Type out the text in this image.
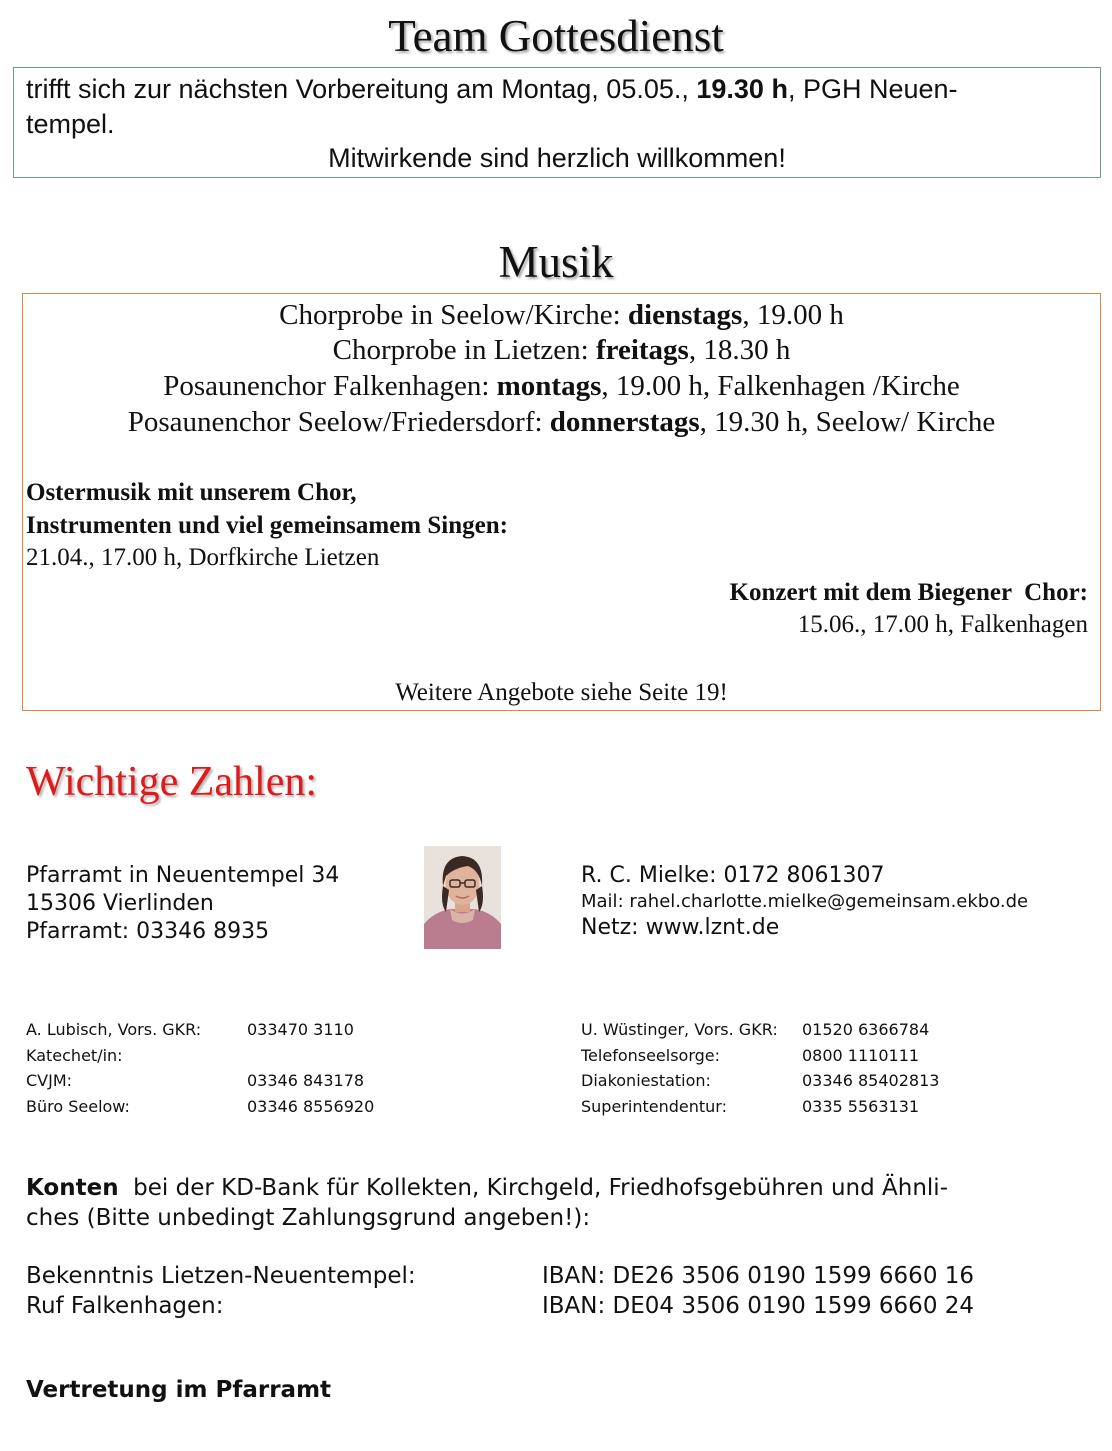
Team Gottesdienst
trifft sich zur nächsten Vorbereitung am Montag, 05.05., 19.30 h, PGH Neuen-
tempel.
Mitwirkende sind herzlich willkommen!
Musik
Chorprobe in Seelow/Kirche: dienstags, 19.00 h
Chorprobe in Lietzen: freitags, 18.30 h
Posaunenchor Falkenhagen: montags, 19.00 h, Falkenhagen /Kirche
Posaunenchor Seelow/Friedersdorf: donnerstags, 19.30 h, Seelow/ Kirche
Ostermusik mit unserem Chor,
Instrumenten und viel gemeinsamem Singen:
21.04., 17.00 h, Dorfkirche Lietzen
Konzert mit dem Biegener  Chor:
15.06., 17.00 h, Falkenhagen
Weitere Angebote siehe Seite 19!
Wichtige Zahlen:
Pfarramt in Neuentempel 34
15306 Vierlinden
Pfarramt: 03346 8935
R. C. Mielke: 0172 8061307
Mail: rahel.charlotte.mielke@gemeinsam.ekbo.de
Netz: www.lznt.de
A. Lubisch, Vors. GKR:	033470 3110
Katechet/in:
CVJM:	03346 843178
Büro Seelow:	03346 8556920
U. Wüstinger, Vors. GKR: 01520 6366784
Telefonseelsorge:	0800 1110111
Diakoniestation:	03346 85402813
Superintendentur:	0335 5563131
Konten  bei der KD-Bank für Kollekten, Kirchgeld, Friedhofsgebühren und Ähnli-
ches (Bitte unbedingt Zahlungsgrund angeben!):
Bekenntnis Lietzen-Neuentempel:	IBAN: DE26 3506 0190 1599 6660 16
Ruf Falkenhagen:	IBAN: DE04 3506 0190 1599 6660 24
Vertretung im Pfarramt
